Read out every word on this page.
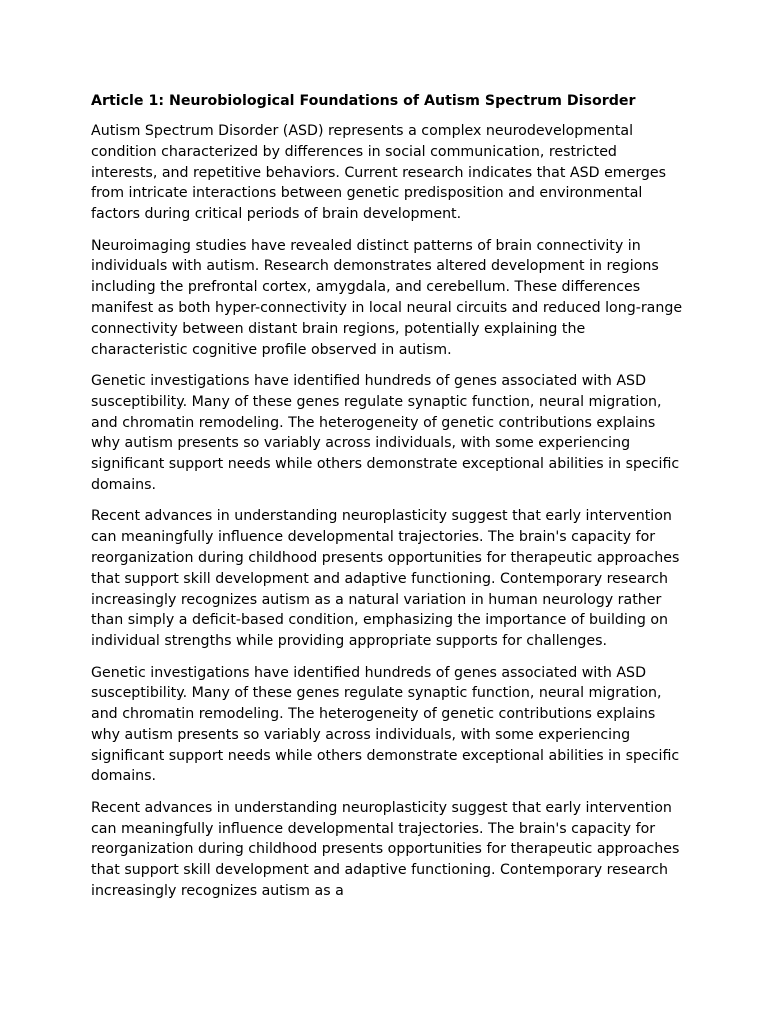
Article 1: Neurobiological Foundations of Autism Spectrum Disorder

Autism Spectrum Disorder (ASD) represents a complex neurodevelopmental condition characterized by differences in social communication, restricted interests, and repetitive behaviors. Current research indicates that ASD emerges from intricate interactions between genetic predisposition and environmental factors during critical periods of brain development.

Neuroimaging studies have revealed distinct patterns of brain connectivity in individuals with autism. Research demonstrates altered development in regions including the prefrontal cortex, amygdala, and cerebellum. These differences manifest as both hyper-connectivity in local neural circuits and reduced long-range connectivity between distant brain regions, potentially explaining the characteristic cognitive profile observed in autism.

Genetic investigations have identified hundreds of genes associated with ASD susceptibility. Many of these genes regulate synaptic function, neural migration, and chromatin remodeling. The heterogeneity of genetic contributions explains why autism presents so variably across individuals, with some experiencing significant support needs while others demonstrate exceptional abilities in specific domains.

Recent advances in understanding neuroplasticity suggest that early intervention can meaningfully influence developmental trajectories. The brain's capacity for reorganization during childhood presents opportunities for therapeutic approaches that support skill development and adaptive functioning. Contemporary research increasingly recognizes autism as a natural variation in human neurology rather than simply a deficit-based condition, emphasizing the importance of building on individual strengths while providing appropriate supports for challenges.

Genetic investigations have identified hundreds of genes associated with ASD susceptibility. Many of these genes regulate synaptic function, neural migration, and chromatin remodeling. The heterogeneity of genetic contributions explains why autism presents so variably across individuals, with some experiencing significant support needs while others demonstrate exceptional abilities in specific domains.

Recent advances in understanding neuroplasticity suggest that early intervention can meaningfully influence developmental trajectories. The brain's capacity for reorganization during childhood presents opportunities for therapeutic approaches that support skill development and adaptive functioning. Contemporary research increasingly recognizes autism as a
